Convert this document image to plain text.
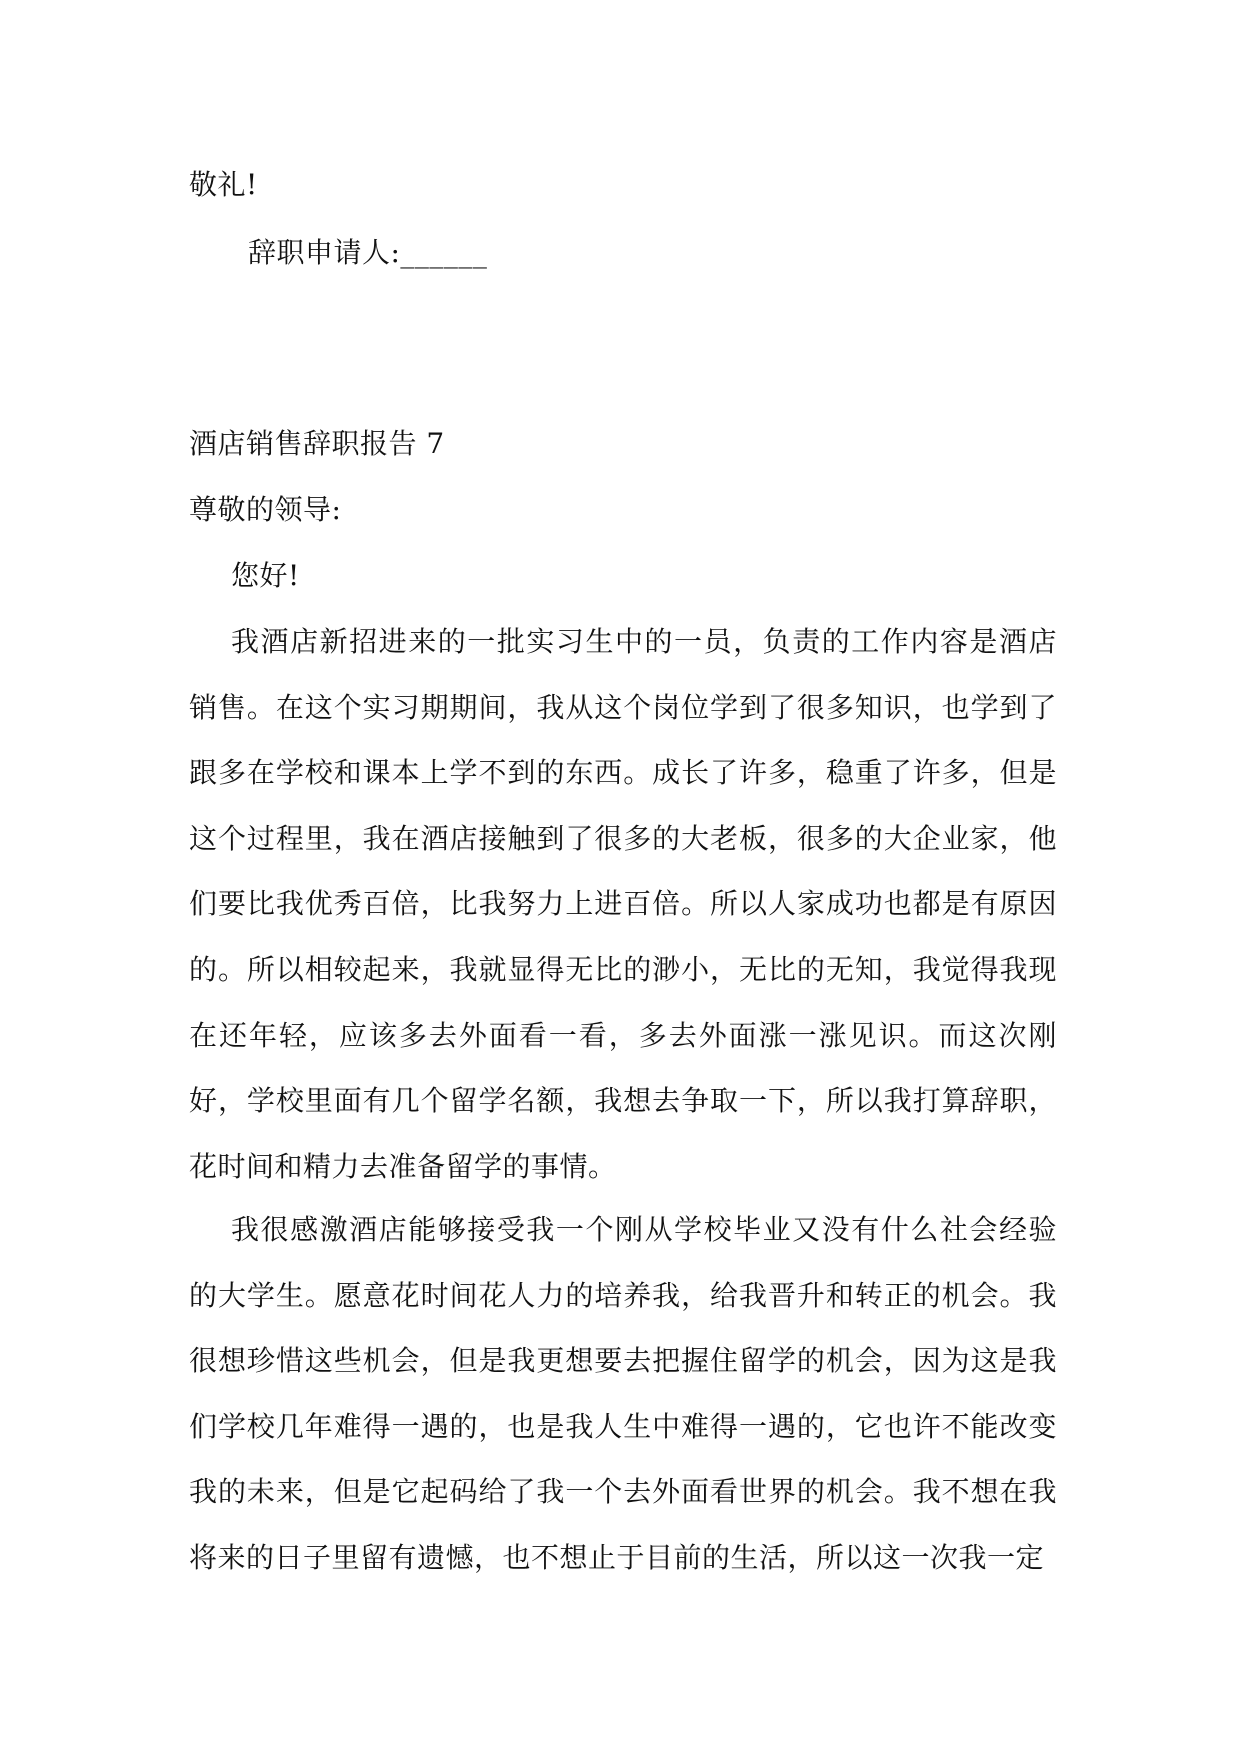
敬礼!
辞职申请人:______
酒店销售辞职报告 7
尊敬的领导:
您好!

我酒店新招进来的一批实习生中的一员，负责的工作内容是酒店销售。在这个实习期期间，我从这个岗位学到了很多知识，也学到了跟多在学校和课本上学不到的东西。成长了许多，稳重了许多，但是这个过程里，我在酒店接触到了很多的大老板，很多的大企业家，他们要比我优秀百倍，比我努力上进百倍。所以人家成功也都是有原因的。所以相较起来，我就显得无比的渺小，无比的无知，我觉得我现在还年轻，应该多去外面看一看，多去外面涨一涨见识。而这次刚好，学校里面有几个留学名额，我想去争取一下，所以我打算辞职，花时间和精力去准备留学的事情。

我很感激酒店能够接受我一个刚从学校毕业又没有什么社会经验的大学生。愿意花时间花人力的培养我，给我晋升和转正的机会。我很想珍惜这些机会，但是我更想要去把握住留学的机会，因为这是我们学校几年难得一遇的，也是我人生中难得一遇的，它也许不能改变我的未来，但是它起码给了我一个去外面看世界的机会。我不想在我将来的日子里留有遗憾，也不想止于目前的生活，所以这一次我一定
